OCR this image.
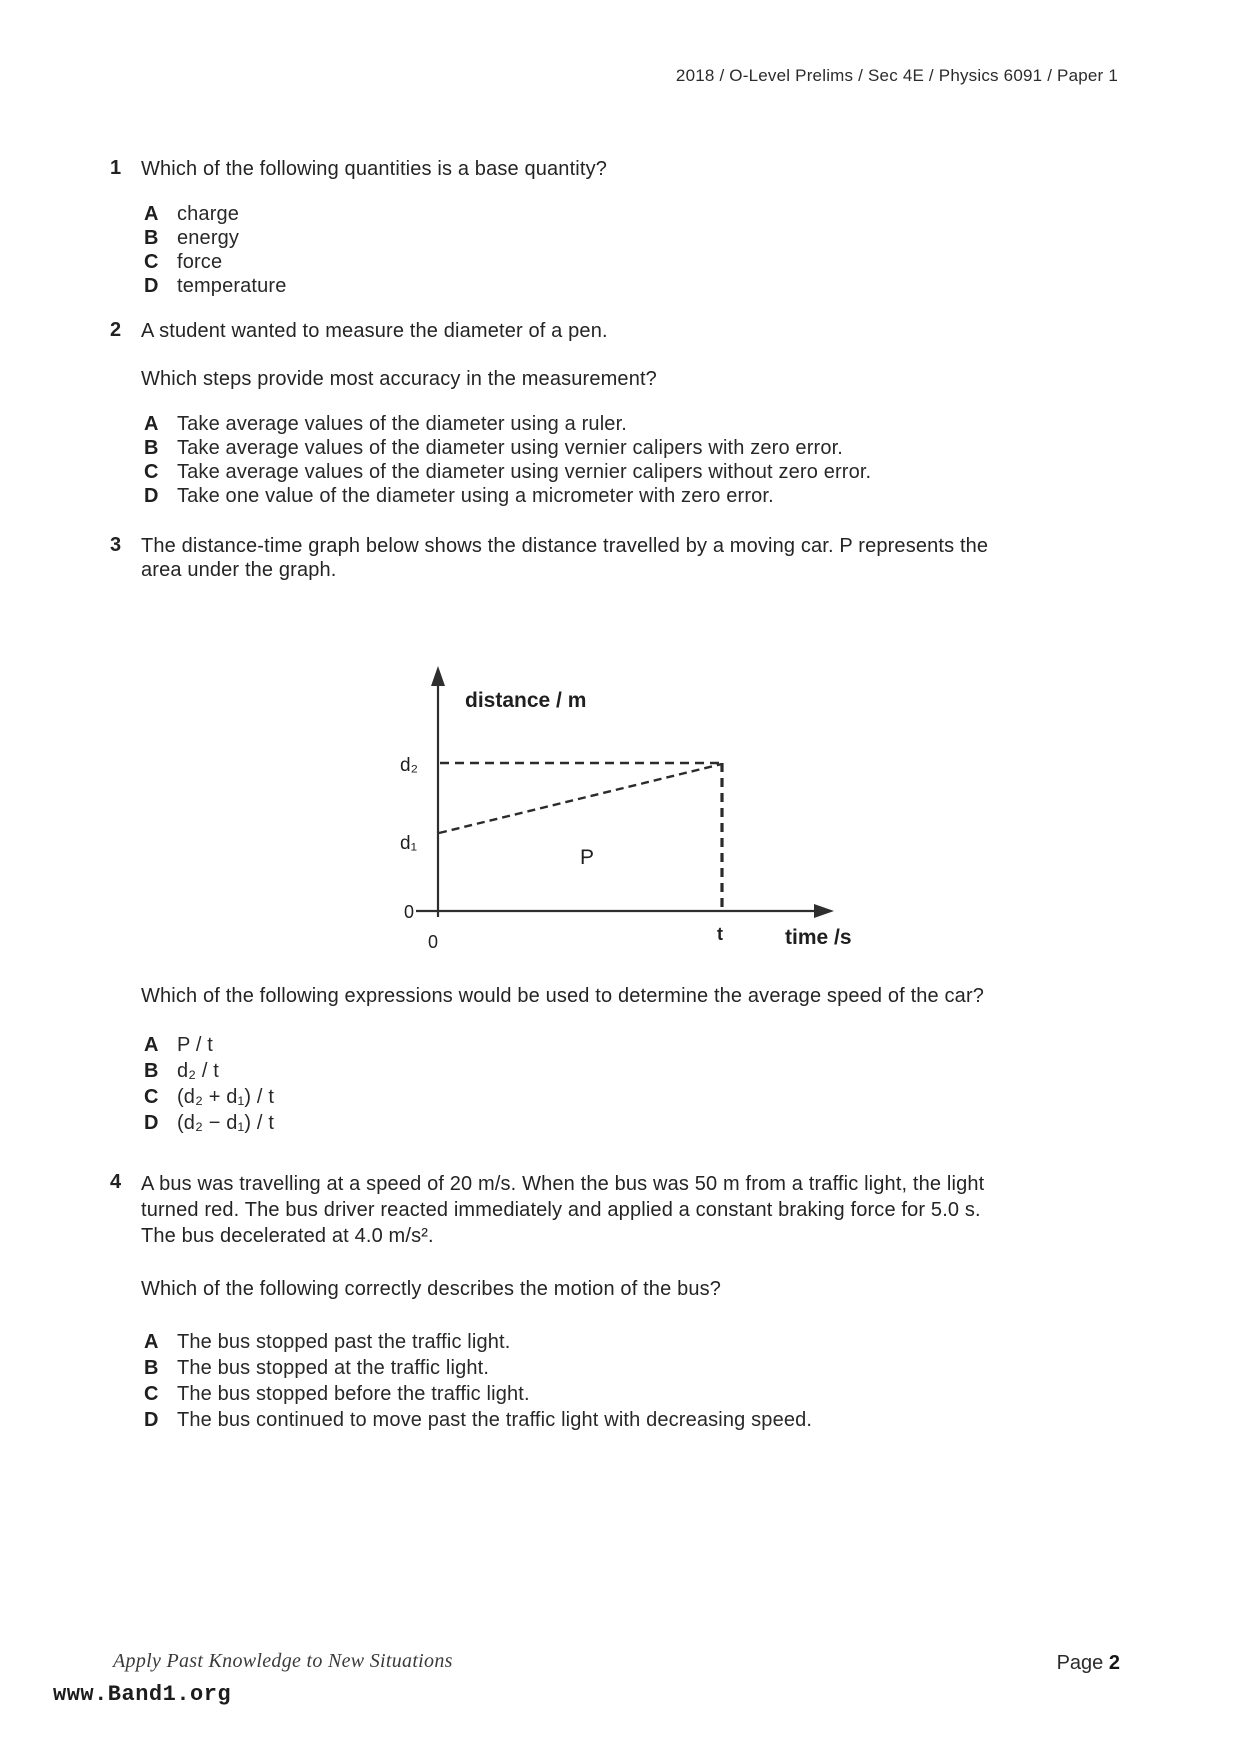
2018 / O-Level Prelims / Sec 4E / Physics 6091 / Paper 1
1 Which of the following quantities is a base quantity?
A charge
B energy
C force
D temperature
2 A student wanted to measure the diameter of a pen.
Which steps provide most accuracy in the measurement?
A Take average values of the diameter using a ruler.
B Take average values of the diameter using vernier calipers with zero error.
C Take average values of the diameter using vernier calipers without zero error.
D Take one value of the diameter using a micrometer with zero error.
3 The distance-time graph below shows the distance travelled by a moving car. P represents the
area under the graph.
distance / m
d₂
d₁
0
0	t	time /s
P
Which of the following expressions would be used to determine the average speed of the car?
A P / t
B d₂ / t
C (d₂ + d₁) / t
D (d₂ − d₁) / t
4 A bus was travelling at a speed of 20 m/s. When the bus was 50 m from a traffic light, the light
turned red. The bus driver reacted immediately and applied a constant braking force for 5.0 s.
The bus decelerated at 4.0 m/s².
Which of the following correctly describes the motion of the bus?
A The bus stopped past the traffic light.
B The bus stopped at the traffic light.
C The bus stopped before the traffic light.
D The bus continued to move past the traffic light with decreasing speed.
Apply Past Knowledge to New Situations	Page 2
www.Band1.org
